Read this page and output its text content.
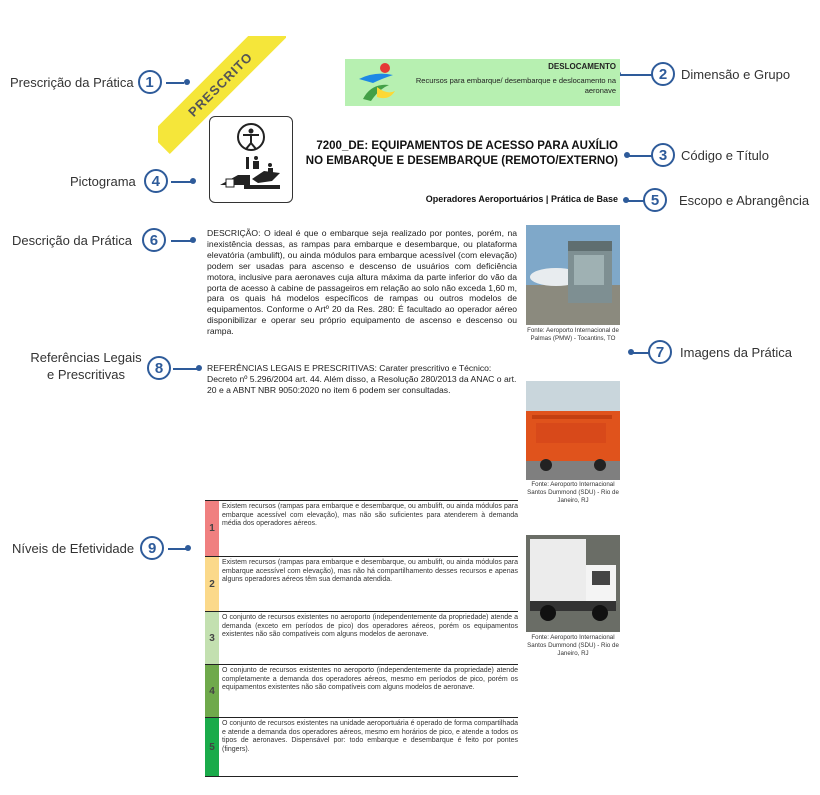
Prescrição da Prática 1	2	Dimensão e Grupo
3	Código e Título
Pictograma	4
5	Escopo e Abrangência
Descrição da Prática	6
7	Imagens da Prática
Referências Legais
e Prescritivas	8
Níveis de Efetividade 9
PRESCRITO	DESLOCAMENTO
Recursos para embarque/ desembarque e deslocamento na aeronave
7200_DE: EQUIPAMENTOS DE ACESSO PARA AUXÍLIO
NO EMBARQUE E DESEMBARQUE (REMOTO/EXTERNO)
Operadores Aeroportuários | Prática de Base
DESCRIÇÃO: O ideal é que o embarque seja realizado por pontes, porém, na inexistência dessas, as rampas para embarque e desembarque, ou plataforma elevatória (ambulift), ou ainda módulos para embarque acessível (com elevação) podem ser usadas para ascenso e descenso de usuários com deficiência motora, inclusive para aeronaves cuja altura máxima da parte inferior do vão da porta de acesso à cabine de passageiros em relação ao solo não exceda 1,60 m, para os quais há modelos específicos de rampas ou outros modelos de equipamentos. Conforme o Artº 20 da Res. 280: É facultado ao operador aéreo disponibilizar e operar seu próprio equipamento de ascenso e descenso ou rampa.
REFERÊNCIAS LEGAIS E PRESCRITIVAS: Carater prescritivo e Técnico: Decreto nº 5.296/2004 art. 44. Além disso, a Resolução 280/2013 da ANAC o art. 20 e a ABNT NBR 9050:2020 no item 6 podem ser consultadas.
Fonte: Aeroporto Internacional de Palmas (PMW) - Tocantins, TO
Fonte: Aeroporto Internacional Santos Dummond (SDU) - Rio de Janeiro, RJ
Fonte: Aeroporto Internacional Santos Dummond (SDU) - Rio de Janeiro, RJ
1
Existem recursos (rampas para embarque e desembarque, ou ambulift, ou ainda módulos para embarque acessível com elevação), mas não são suficientes para atenderem à demanda média dos operadores aéreos.
2
Existem recursos (rampas para embarque e desembarque, ou ambulift, ou ainda módulos para embarque acessível com elevação), mas não há compartilhamento desses recursos e apenas alguns operadores aéreos têm sua demanda atendida.
3
O conjunto de recursos existentes no aeroporto (independentemente da propriedade) atende a demanda (exceto em períodos de pico) dos operadores aéreos, porém os equipamentos existentes não são compatíveis com alguns modelos de aeronave.
4
O conjunto de recursos existentes no aeroporto (independentemente da propriedade) atende completamente a demanda dos operadores aéreos, mesmo em períodos de pico, porém os equipamentos existentes não são compatíveis com alguns modelos de aeronave.
5
O conjunto de recursos existentes na unidade aeroportuária é operado de forma compartilhada e atende a demanda dos operadores aéreos, mesmo em horários de pico, e atende a todos os tipos de aeronaves. Dispensável por: todo embarque e desembarque é feito por pontes (fingers).
